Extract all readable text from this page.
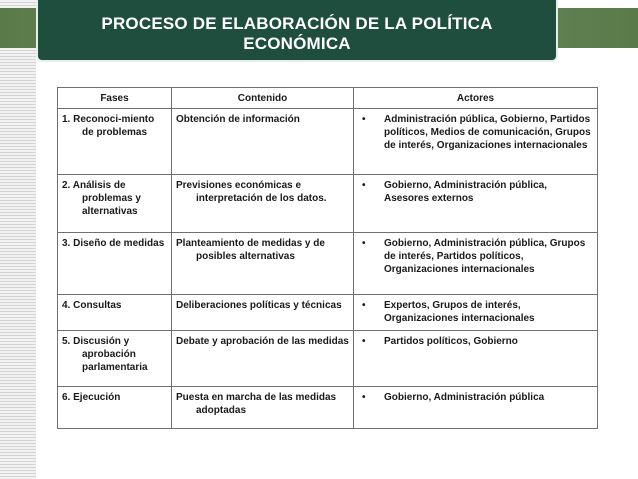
PROCESO DE ELABORACIÓN DE LA POLÍTICA
ECONÓMICA
Fases	Contenido	Actores
1. Reconoci-miento de problemas	Obtención de información	• Administración pública, Gobierno, Partidos políticos, Medios de comunicación, Grupos de interés, Organizaciones internacionales

2. Análisis de problemas y alternativas	Previsiones económicas e interpretación de los datos.	• Gobierno, Administración pública, Asesores externos

3. Diseño de medidas	Planteamiento de medidas y de posibles alternativas	• Gobierno, Administración pública, Grupos de interés, Partidos políticos, Organizaciones internacionales

4. Consultas	Deliberaciones políticas y técnicas	• Expertos, Grupos de interés, Organizaciones internacionales

5. Discusión y aprobación parlamentaria	Debate y aprobación de las medidas	• Partidos políticos, Gobierno

6. Ejecución	Puesta en marcha de las medidas adoptadas	• Gobierno, Administración pública
